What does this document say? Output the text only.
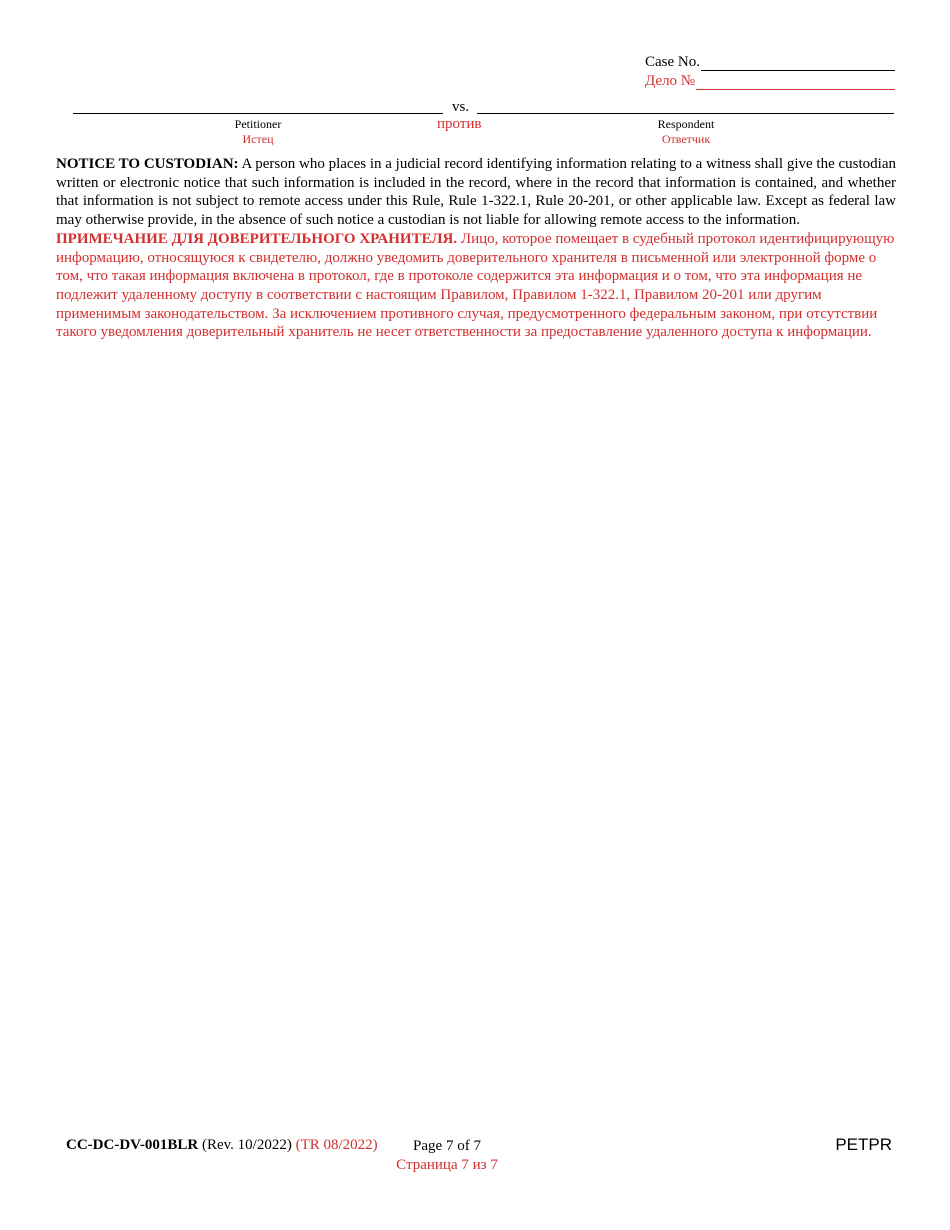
Case No.
Дело №
vs.
Petitioner
Истец
против	Respondent
Ответчик

NOTICE TO CUSTODIAN: A person who places in a judicial record identifying information relating to a witness shall give the custodian written or electronic notice that such information is included in the record, where in the record that information is contained, and whether that information is not subject to remote access under this Rule, Rule 1-322.1, Rule 20-201, or other applicable law. Except as federal law may otherwise provide, in the absence of such notice a custodian is not liable for allowing remote access to the information.

ПРИМЕЧАНИЕ ДЛЯ ДОВЕРИТЕЛЬНОГО ХРАНИТЕЛЯ. Лицо, которое помещает в судебный протокол идентифицирующую информацию, относящуюся к свидетелю, должно уведомить доверительного хранителя в письменной или электронной форме о том, что такая информация включена в протокол, где в протоколе содержится эта информация и о том, что эта информация не подлежит удаленному доступу в соответствии с настоящим Правилом, Правилом 1-322.1, Правилом 20-201 или другим применимым законодательством. За исключением противного случая, предусмотренного федеральным законом, при отсутствии такого уведомления доверительный хранитель не несет ответственности за предоставление удаленного доступа к информации.

CC-DC-DV-001BLR (Rev. 10/2022) (TR 08/2022)	Page 7 of 7
Страница 7 из 7
PETPR
